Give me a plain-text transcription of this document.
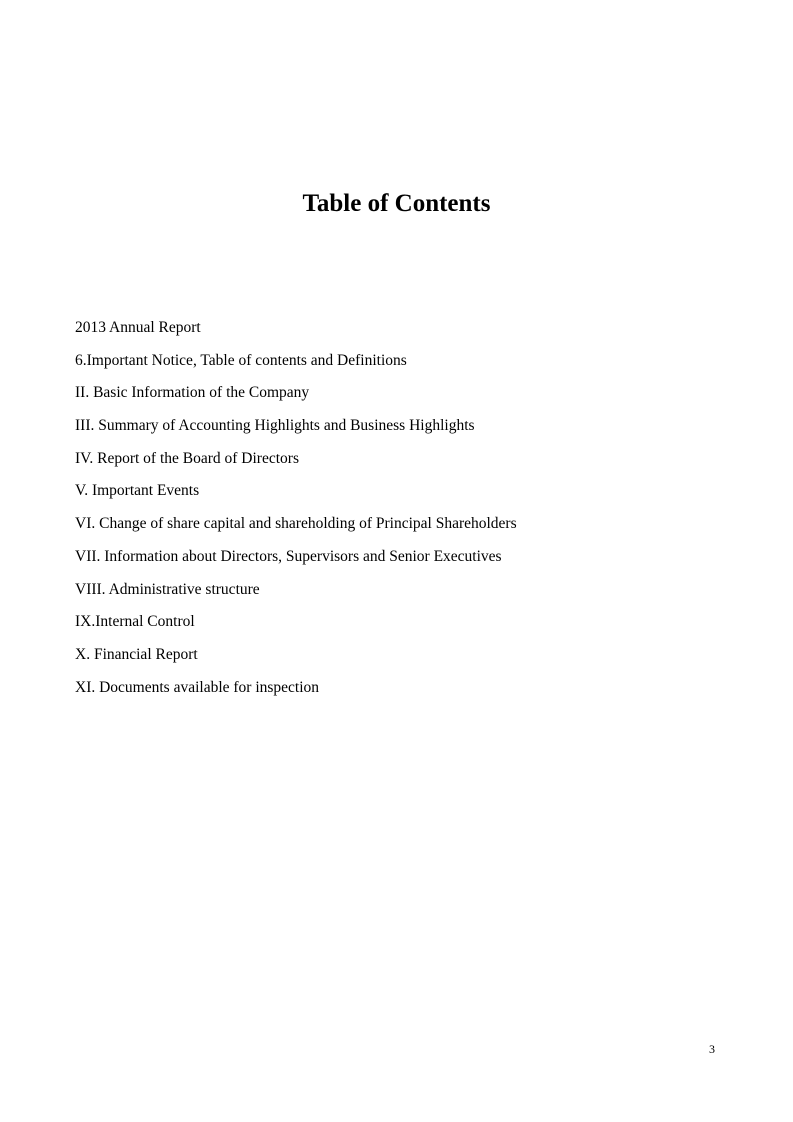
Table of Contents
2013 Annual Report
6.Important Notice, Table of contents and Definitions
II. Basic Information of the Company
III. Summary of Accounting Highlights and Business Highlights
IV. Report of the Board of Directors
V. Important Events
VI. Change of share capital and shareholding of Principal Shareholders
VII. Information about Directors, Supervisors and Senior Executives
VIII. Administrative structure
IX.Internal Control
X. Financial Report
XI. Documents available for inspection
3
